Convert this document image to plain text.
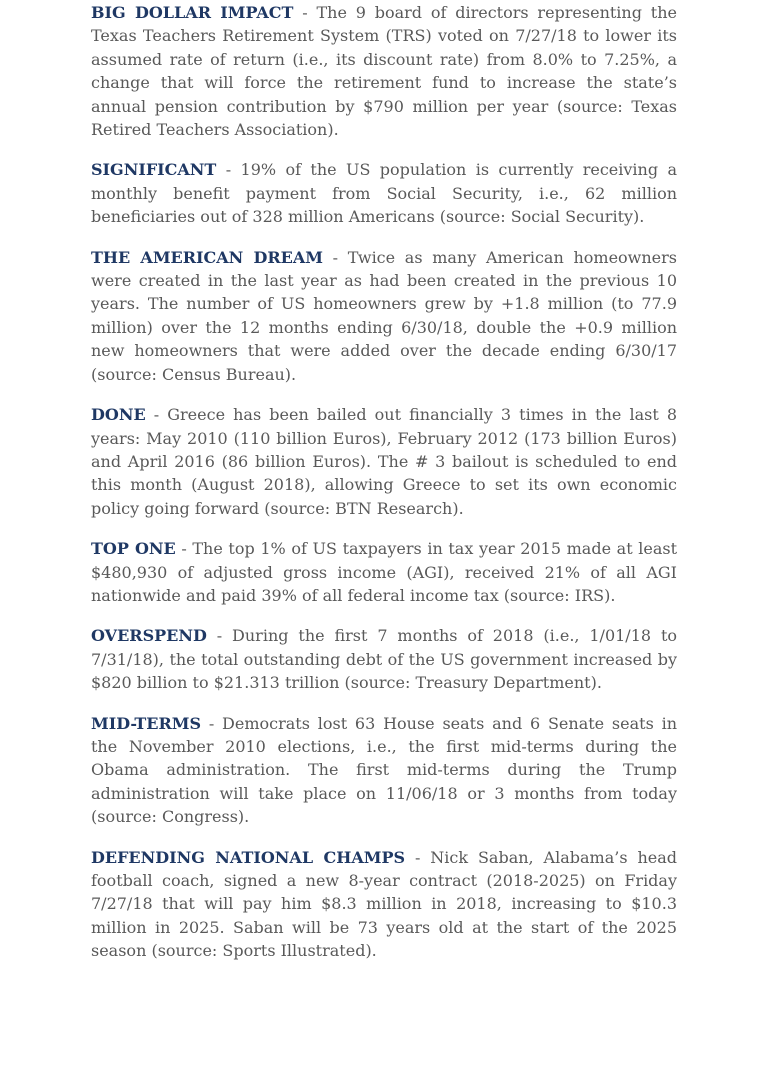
BIG DOLLAR IMPACT - The 9 board of directors representing the Texas Teachers Retirement System (TRS) voted on 7/27/18 to lower its assumed rate of return (i.e., its discount rate) from 8.0% to 7.25%, a change that will force the retirement fund to increase the state’s annual pension contribution by $790 million per year (source: Texas Retired Teachers Association).

SIGNIFICANT - 19% of the US population is currently receiving a monthly benefit payment from Social Security, i.e., 62 million beneficiaries out of 328 million Americans (source: Social Security).

THE AMERICAN DREAM - Twice as many American homeowners were created in the last year as had been created in the previous 10 years. The number of US homeowners grew by +1.8 million (to 77.9 million) over the 12 months ending 6/30/18, double the +0.9 million new homeowners that were added over the decade ending 6/30/17 (source: Census Bureau).

DONE - Greece has been bailed out financially 3 times in the last 8 years: May 2010 (110 billion Euros), February 2012 (173 billion Euros) and April 2016 (86 billion Euros). The # 3 bailout is scheduled to end this month (August 2018), allowing Greece to set its own economic policy going forward (source: BTN Research).

TOP ONE - The top 1% of US taxpayers in tax year 2015 made at least $480,930 of adjusted gross income (AGI), received 21% of all AGI nationwide and paid 39% of all federal income tax (source: IRS).

OVERSPEND - During the first 7 months of 2018 (i.e., 1/01/18 to 7/31/18), the total outstanding debt of the US government increased by $820 billion to $21.313 trillion (source: Treasury Department).

MID-TERMS - Democrats lost 63 House seats and 6 Senate seats in the November 2010 elections, i.e., the first mid-terms during the Obama administration. The first mid-terms during the Trump administration will take place on 11/06/18 or 3 months from today (source: Congress).

DEFENDING NATIONAL CHAMPS - Nick Saban, Alabama’s head football coach, signed a new 8-year contract (2018-2025) on Friday 7/27/18 that will pay him $8.3 million in 2018, increasing to $10.3 million in 2025. Saban will be 73 years old at the start of the 2025 season (source: Sports Illustrated).
